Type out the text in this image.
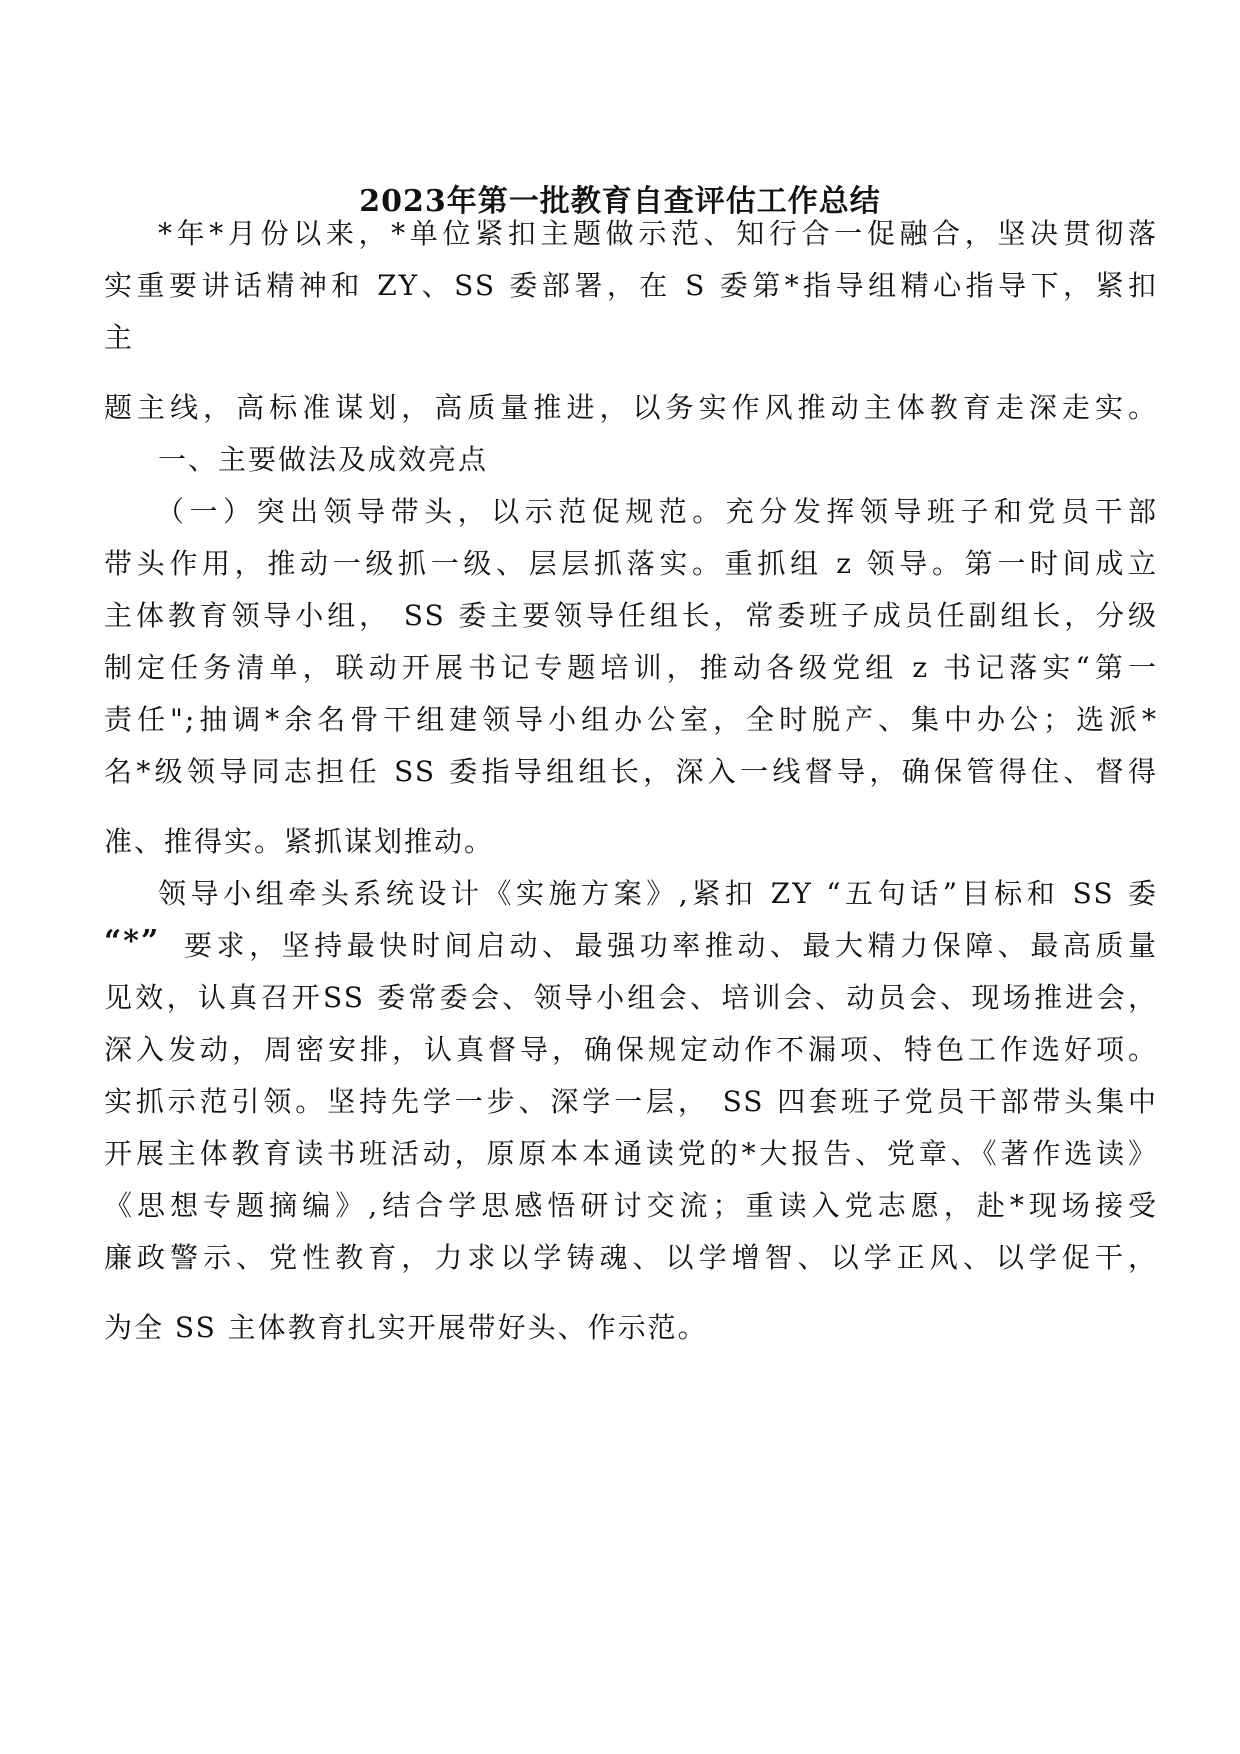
2023年第一批教育自查评估工作总结

*年*月份以来，*单位紧扣主题做示范、知行合一促融合，坚决贯彻落

实重要讲话精神和 ZY、SS 委部署，在 S 委第*指导组精心指导下，紧扣

主

题主线，高标准谋划，高质量推进，以务实作风推动主体教育走深走实。

一、主要做法及成效亮点

（一）突出领导带头，以示范促规范。充分发挥领导班子和党员干部

带头作用，推动一级抓一级、层层抓落实。重抓组 z 领导。第一时间成立

主体教育领导小组， SS 委主要领导任组长，常委班子成员任副组长，分级

制定任务清单，联动开展书记专题培训，推动各级党组 z 书记落实“第一

责任";抽调*余名骨干组建领导小组办公室，全时脱产、集中办公；选派*

名*级领导同志担任 SS 委指导组组长，深入一线督导，确保管得住、督得

准、推得实。紧抓谋划推动。

领导小组牵头系统设计《实施方案》,紧扣 ZY “五句话”目标和 SS 委

“*” 要求，坚持最快时间启动、最强功率推动、最大精力保障、最高质量

见效，认真召开SS 委常委会、领导小组会、培训会、动员会、现场推进会，

深入发动，周密安排，认真督导，确保规定动作不漏项、特色工作选好项。

实抓示范引领。坚持先学一步、深学一层， SS 四套班子党员干部带头集中

开展主体教育读书班活动，原原本本通读党的*大报告、党章、《著作选读》

《思想专题摘编》,结合学思感悟研讨交流；重读入党志愿，赴*现场接受

廉政警示、党性教育，力求以学铸魂、以学增智、以学正风、以学促干，

为全 SS 主体教育扎实开展带好头、作示范。
